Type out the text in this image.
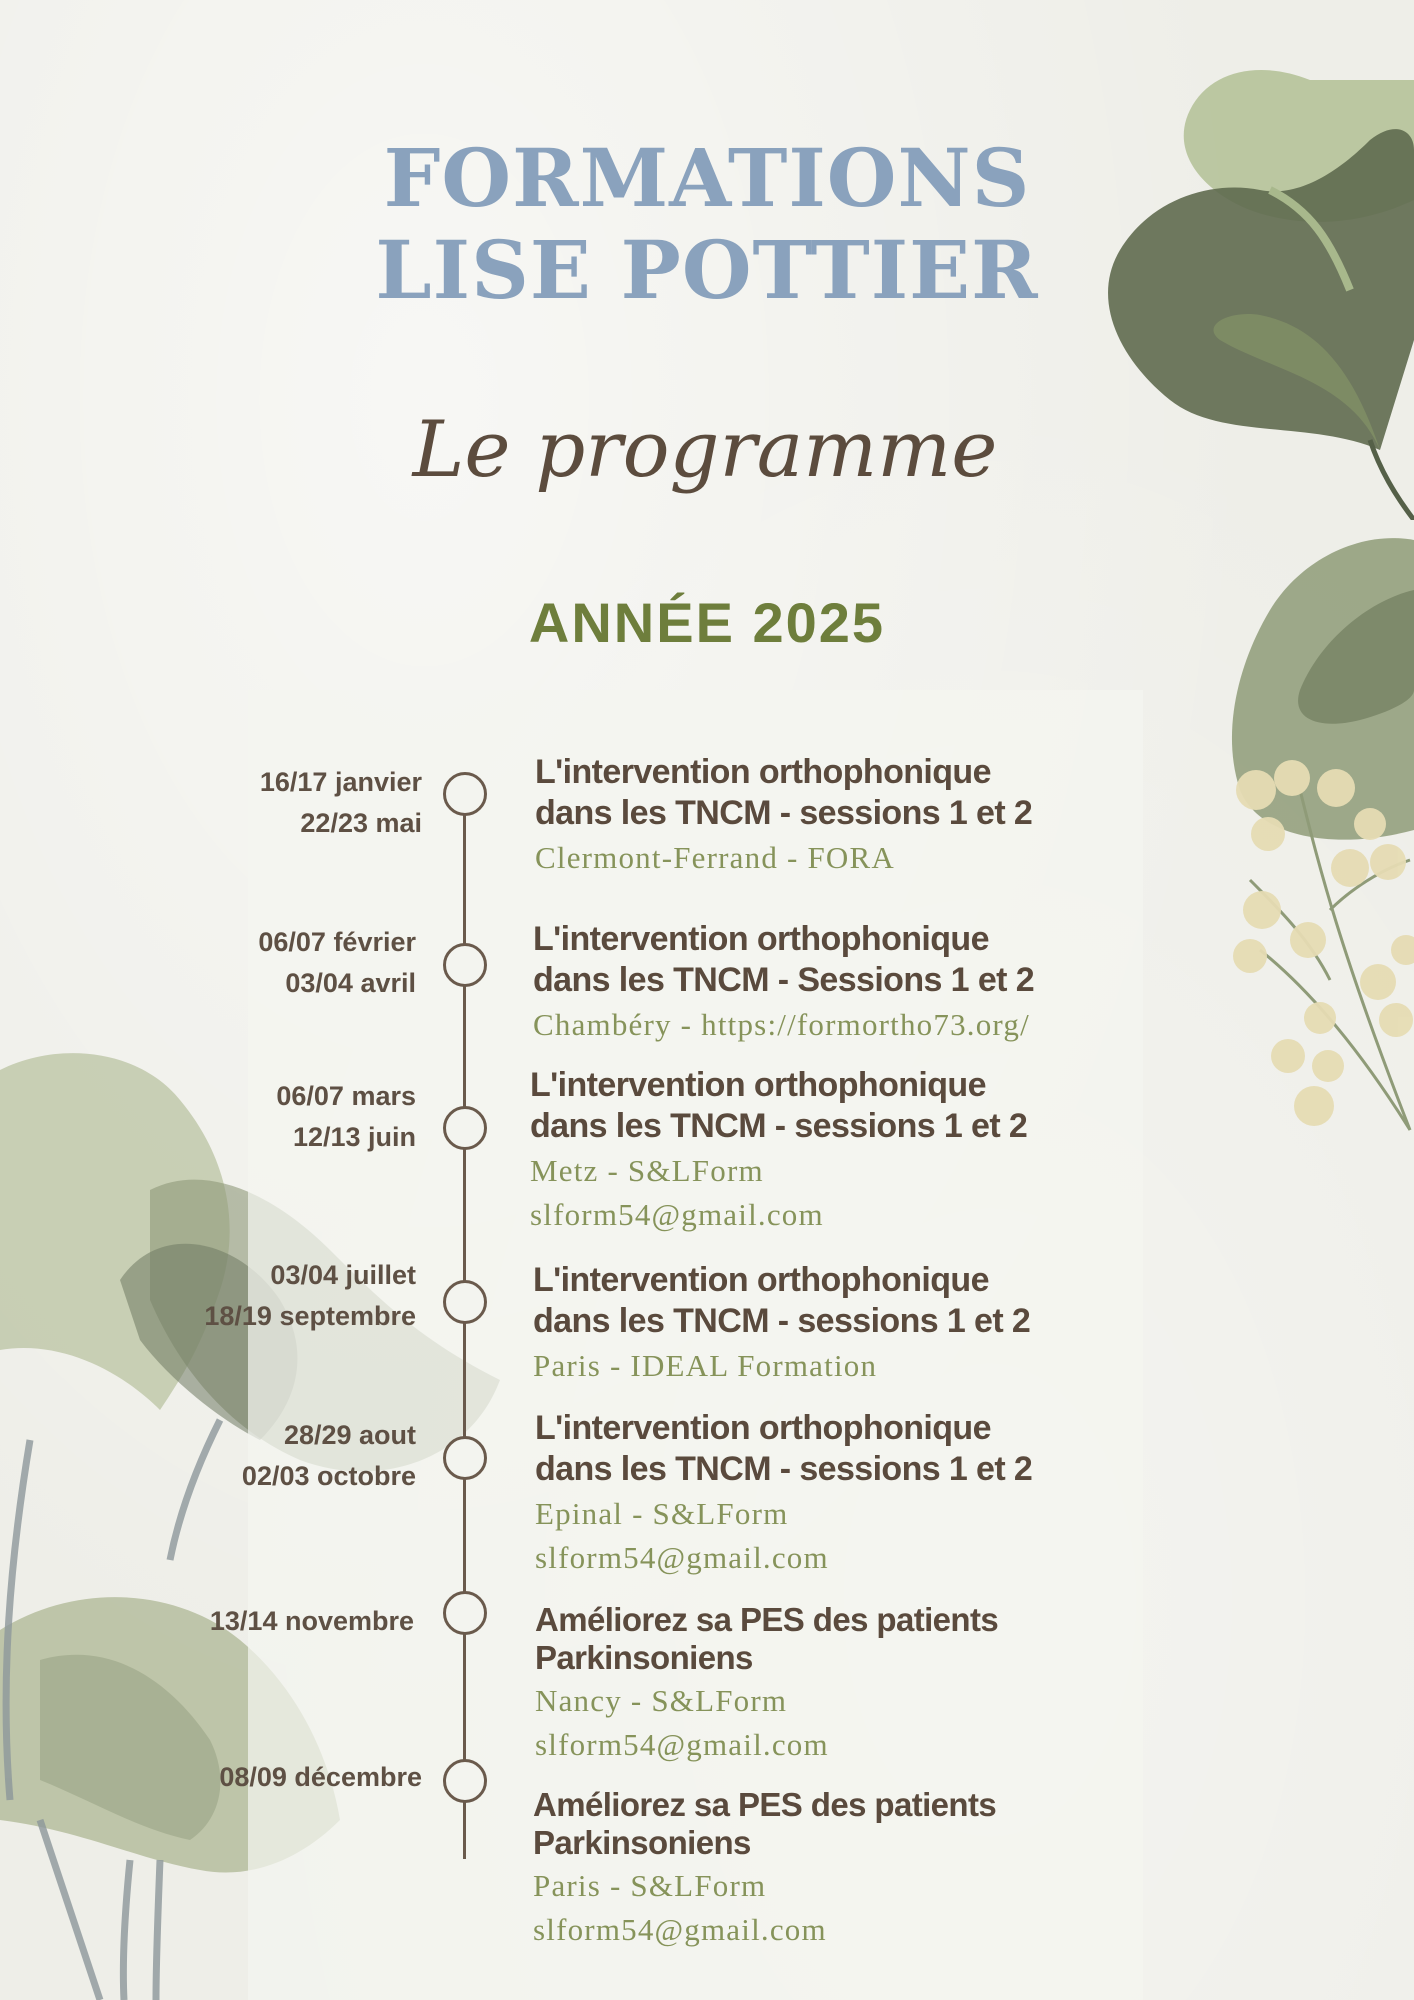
FORMATIONS
LISE POTTIER
Le programme
ANNÉE 2025
16/17 janvier
22/23 mai
L'intervention orthophonique
dans les TNCM - sessions 1 et 2
Clermont-Ferrand - FORA
06/07 février
03/04 avril
L'intervention orthophonique
dans les TNCM - Sessions 1 et 2
Chambéry - https://formortho73.org/
06/07 mars
12/13 juin
L'intervention orthophonique
dans les TNCM - sessions 1 et 2
Metz - S&LForm
slform54@gmail.com
03/04 juillet
18/19 septembre
L'intervention orthophonique
dans les TNCM - sessions 1 et 2
Paris - IDEAL Formation
28/29 aout
02/03 octobre
L'intervention orthophonique
dans les TNCM - sessions 1 et 2
Epinal - S&LForm
slform54@gmail.com
13/14 novembre	Améliorez sa PES des patients
Parkinsoniens
Nancy - S&LForm
slform54@gmail.com
08/09 décembre
Améliorez sa PES des patients
Parkinsoniens
Paris - S&LForm
slform54@gmail.com
